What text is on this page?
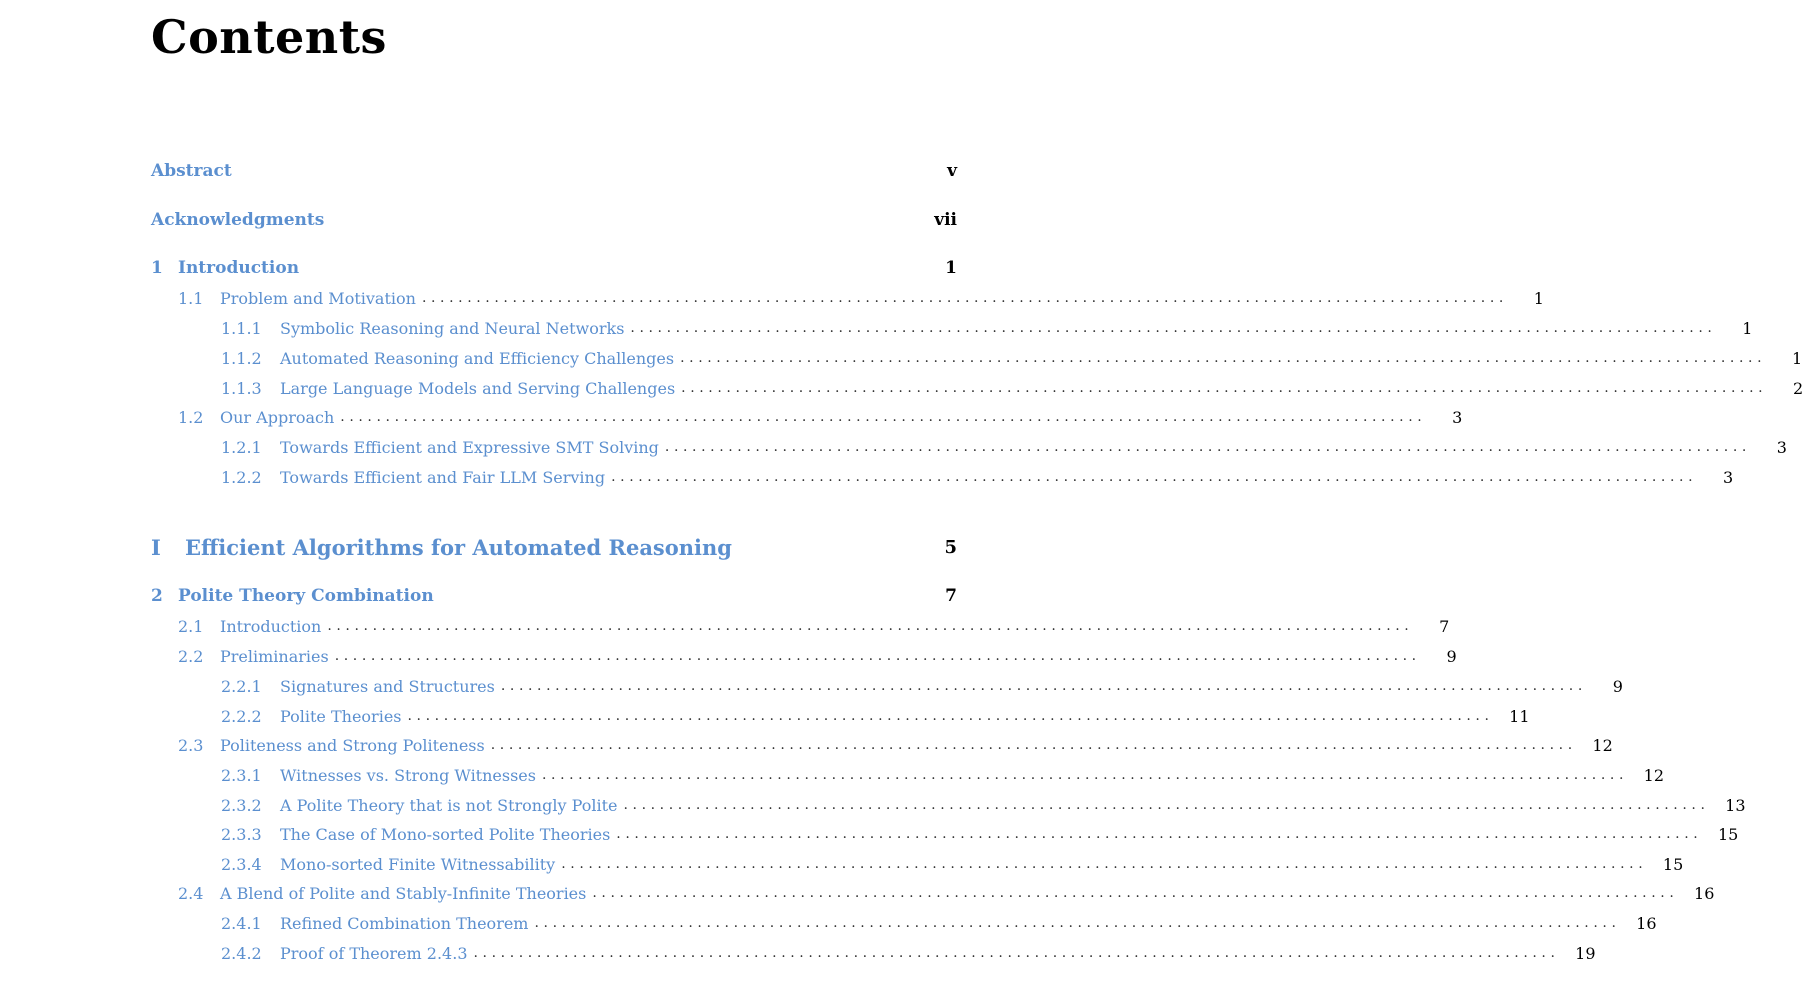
Contents
Abstract	v
Acknowledgments	vii
1 Introduction	1
1.1	Problem and Motivation ........................................................................................................................	1
1.1.1	Symbolic Reasoning and Neural Networks ........................................................................................................................	1
1.1.2	Automated Reasoning and Efficiency Challenges ........................................................................................................................	1
1.1.3	Large Language Models and Serving Challenges ........................................................................................................................	2
1.2	Our Approach ........................................................................................................................	3
1.2.1	Towards Efficient and Expressive SMT Solving ........................................................................................................................	3
1.2.2	Towards Efficient and Fair LLM Serving ........................................................................................................................	3
I	Efficient Algorithms for Automated Reasoning	5
2 Polite Theory Combination	7
2.1	Introduction ........................................................................................................................	7
2.2	Preliminaries ........................................................................................................................	9
2.2.1	Signatures and Structures ........................................................................................................................	9
2.2.2	Polite Theories ........................................................................................................................ 11
2.3	Politeness and Strong Politeness ........................................................................................................................ 12
2.3.1	Witnesses vs. Strong Witnesses ........................................................................................................................ 12
2.3.2	A Polite Theory that is not Strongly Polite ........................................................................................................................ 13
2.3.3	The Case of Mono-sorted Polite Theories ........................................................................................................................ 15
2.3.4	Mono-sorted Finite Witnessability ........................................................................................................................ 15
2.4	A Blend of Polite and Stably-Infinite Theories ........................................................................................................................ 16
2.4.1	Refined Combination Theorem ........................................................................................................................ 16
2.4.2	Proof of Theorem 2.4.3 ........................................................................................................................ 19
